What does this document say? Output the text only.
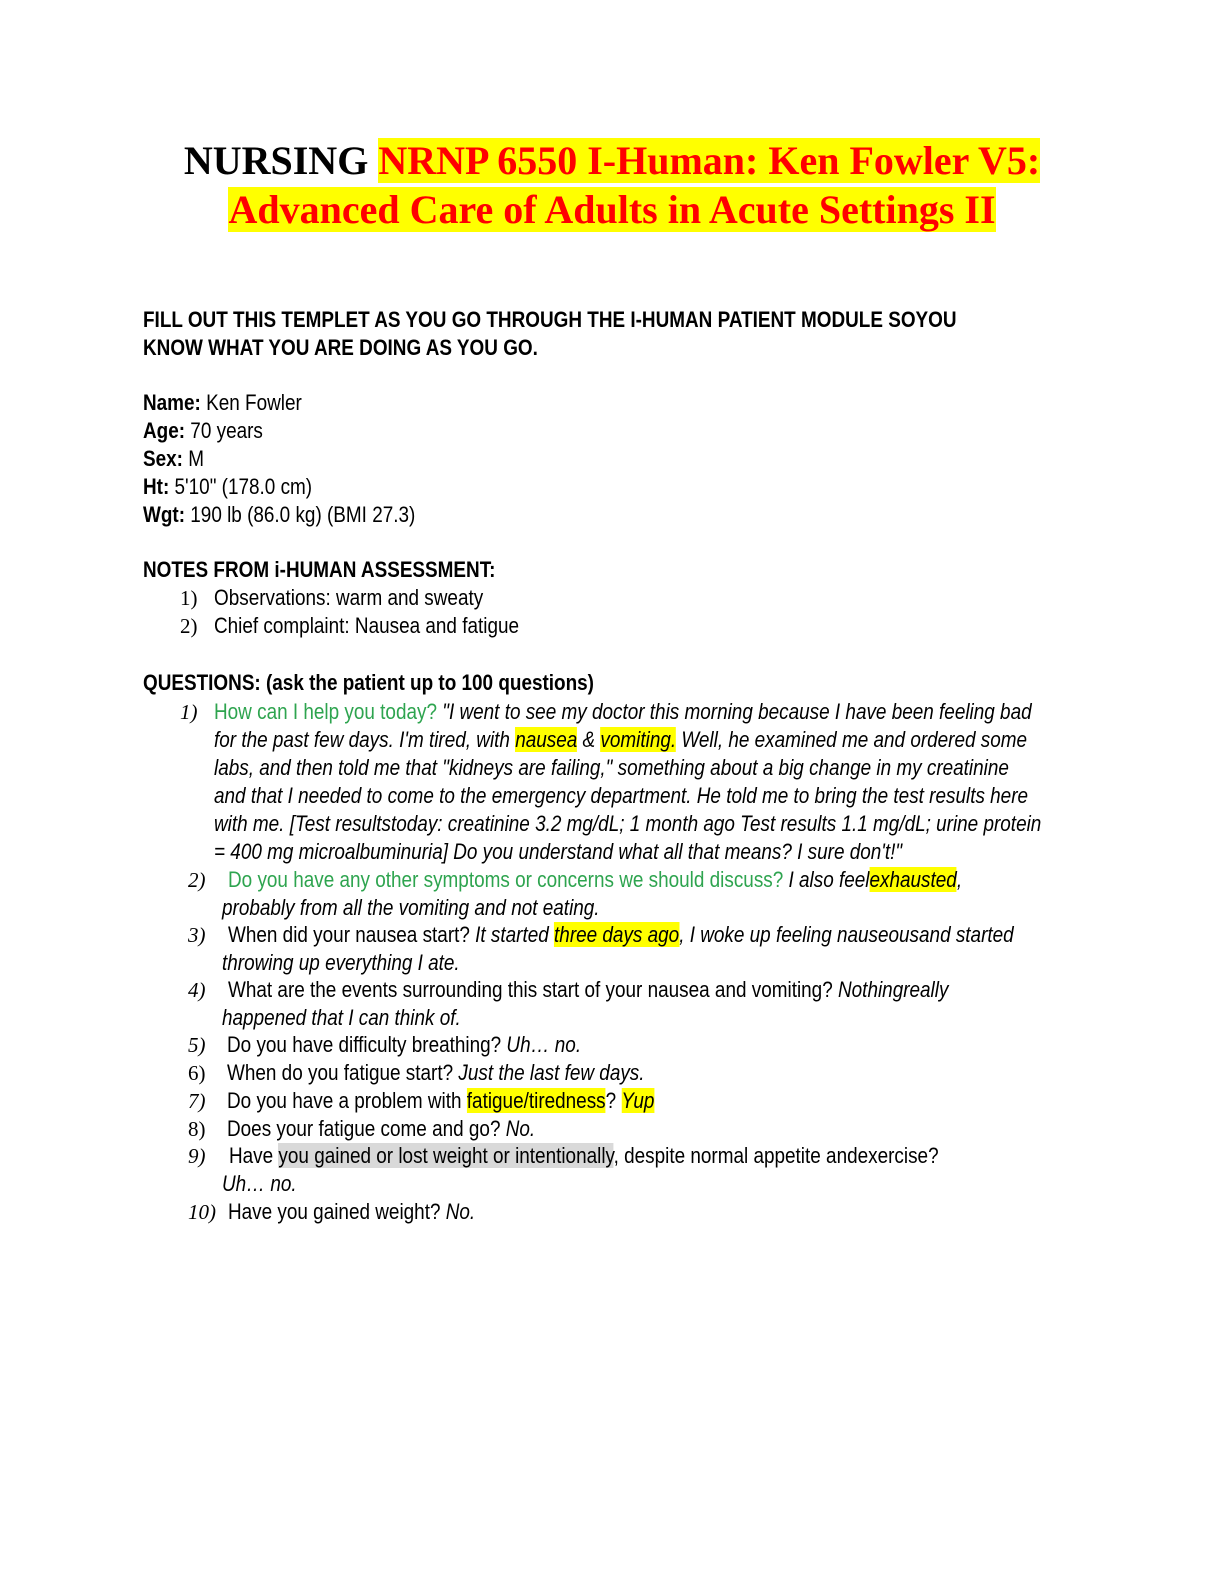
NURSING NRNP 6550 I-Human: Ken Fowler V5:
Advanced Care of Adults in Acute Settings II
FILL OUT THIS TEMPLET AS YOU GO THROUGH THE I-HUMAN PATIENT MODULE SOYOU
KNOW WHAT YOU ARE DOING AS YOU GO.
Name: Ken Fowler
Age: 70 years
Sex: M
Ht: 5'10" (178.0 cm)
Wgt: 190 lb (86.0 kg) (BMI 27.3)
NOTES FROM i-HUMAN ASSESSMENT:
1) Observations: warm and sweaty
2) Chief complaint: Nausea and fatigue
QUESTIONS: (ask the patient up to 100 questions)
1) How can I help you today? "I went to see my doctor this morning because I have been feeling bad
for the past few days. I'm tired, with nausea & vomiting. Well, he examined me and ordered some
labs, and then told me that "kidneys are failing," something about a big change in my creatinine
and that I needed to come to the emergency department. He told me to bring the test results here
with me. [Test resultstoday: creatinine 3.2 mg/dL; 1 month ago Test results 1.1 mg/dL; urine protein
= 400 mg microalbuminuria] Do you understand what all that means? I sure don't!"
2) Do you have any other symptoms or concerns we should discuss? I also feelexhausted,
probably from all the vomiting and not eating.
3) When did your nausea start? It started three days ago, I woke up feeling nauseousand started
throwing up everything I ate.
4) What are the events surrounding this start of your nausea and vomiting? Nothingreally
happened that I can think of.
5) Do you have difficulty breathing? Uh… no.
6) When do you fatigue start? Just the last few days.
7) Do you have a problem with fatigue/tiredness? Yup
8) Does your fatigue come and go? No.
9) Have you gained or lost weight or intentionally, despite normal appetite andexercise?
Uh… no.
10) Have you gained weight? No.
